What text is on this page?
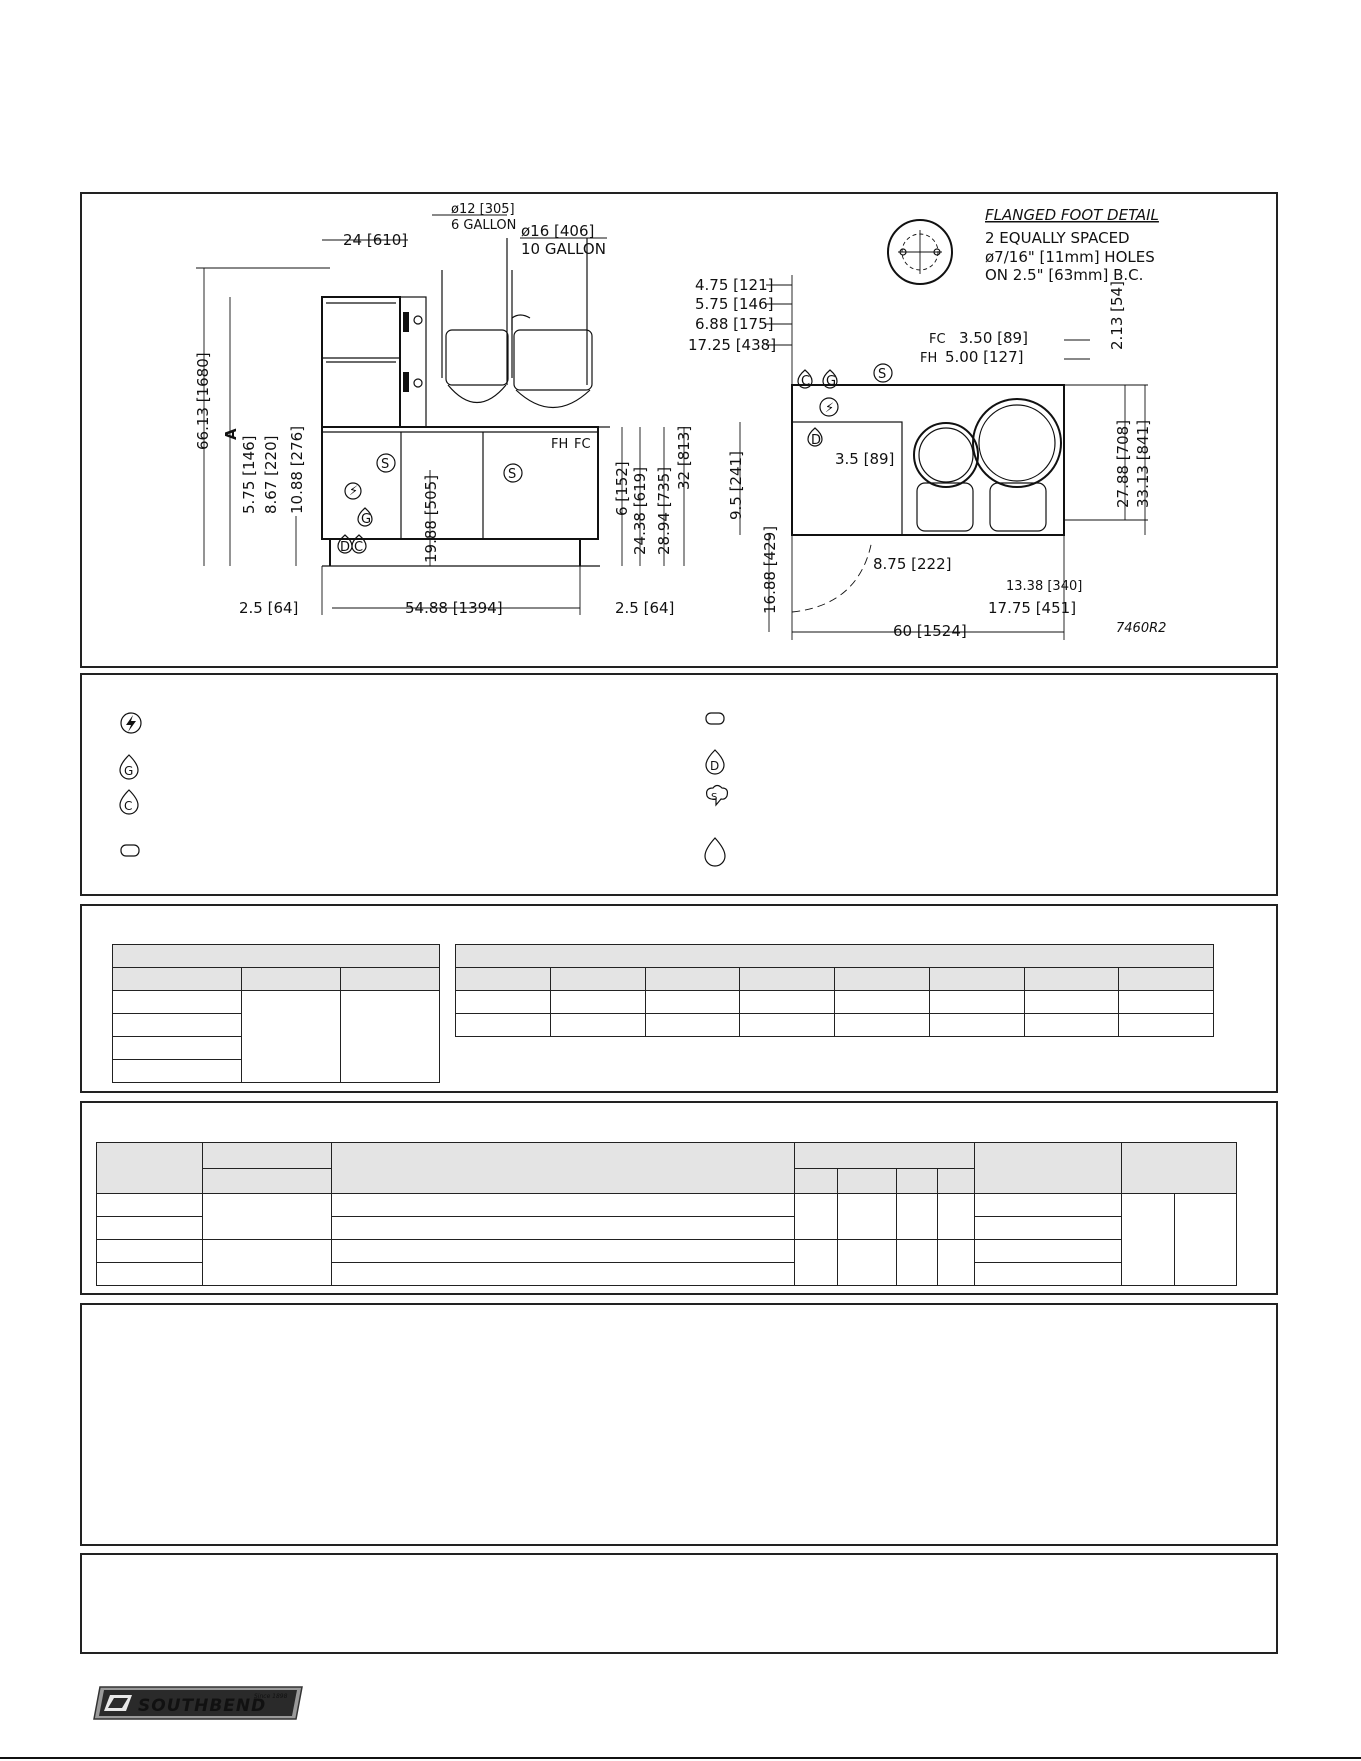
⚡
G
D C
S
S
FH FC
24 [610]
ø12 [305]
6 GALLON ø16 [406]
10 GALLON
66.13 [1680] A	10.88 [276]
8.67 [220]
5.75 [146]
19.88 [505]	6 [152] 24.38 [619] 28.94 [735]
32 [813]
2.5 [64]	54.88 [1394]	2.5 [64]
C G	S
⚡
D
FC
FH
FLANGED FOOT DETAIL
2 EQUALLY SPACED
ø7/16" [11mm] HOLES
ON 2.5" [63mm] B.C.
4.75 [121]
5.75 [146]
6.88 [175]
17.25 [438]	3.50 [89]
5.00 [127]
2.13 [54]
9.5 [241]	3.5 [89]	27.88 [708] 33.13 [841]
16.88 [429]	8.75 [222]
13.38 [340]
17.75 [451]
60 [1524]	7460R2
G
C
D
S

SOUTHBEND
Since 1898
